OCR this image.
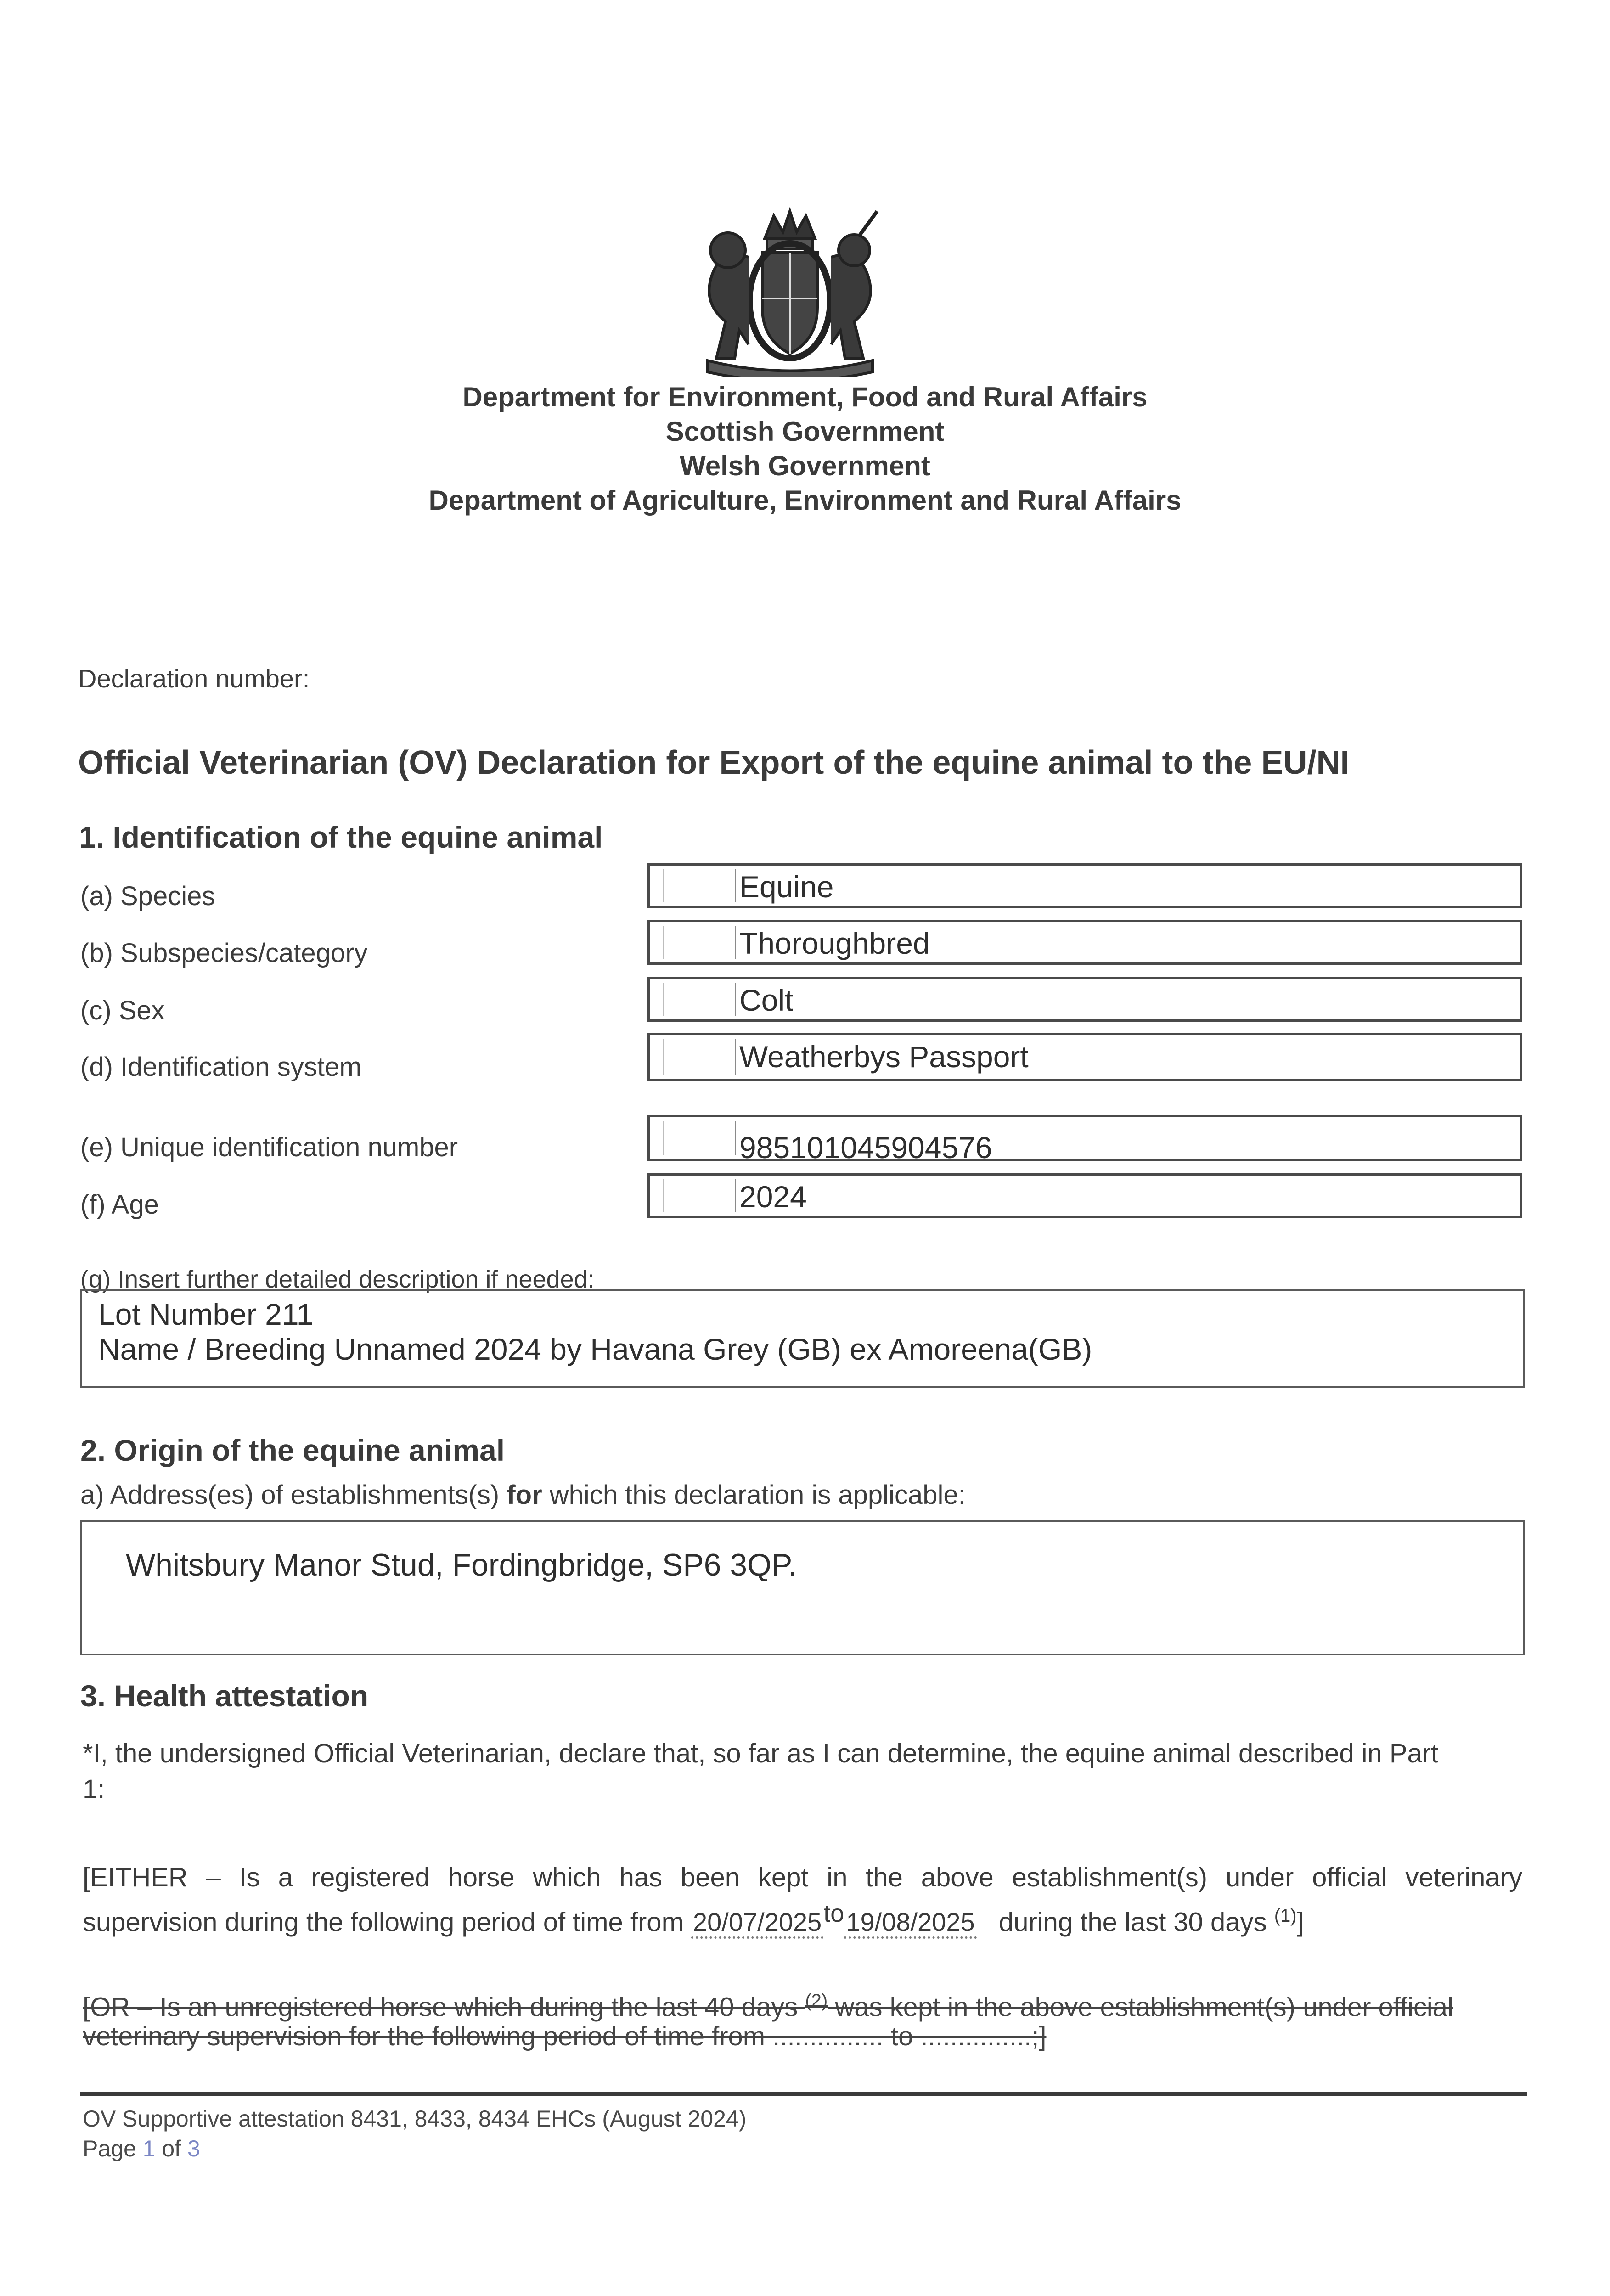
Department for Environment, Food and Rural Affairs
Scottish Government
Welsh Government
Department of Agriculture, Environment and Rural Affairs
Declaration number:
Official Veterinarian (OV) Declaration for Export of the equine animal to the EU/NI
1. Identification of the equine animal
(a) Species	Equine
(b) Subspecies/category	Thoroughbred
(c) Sex	Colt
(d) Identification system	Weatherbys Passport
(e) Unique identification number	985101045904576
(f) Age	2024
(g) Insert further detailed description if needed:
Lot Number 211
Name / Breeding Unnamed 2024 by Havana Grey (GB) ex Amoreena(GB)
2. Origin of the equine animal
a) Address(es) of establishments(s) for which this declaration is applicable:
Whitsbury Manor Stud, Fordingbridge, SP6 3QP.
3. Health attestation
*I, the undersigned Official Veterinarian, declare that, so far as I can determine, the equine animal described in Part
1:
[EITHER – Is a registered horse which has been kept in the above establishment(s) under official veterinary
supervision during the following period of time from $20/07/2025^{to}19/08/2025$ during the last 30 days $^{(1)}$]
[OR – Is an unregistered horse which during the last 40 days $^{(2)}$ was kept in the above establishment(s) under official
veterinary supervision for the following period of time from ............... to ...............;]
OV Supportive attestation 8431, 8433, 8434 EHCs (August 2024)
Page 1 of 3
